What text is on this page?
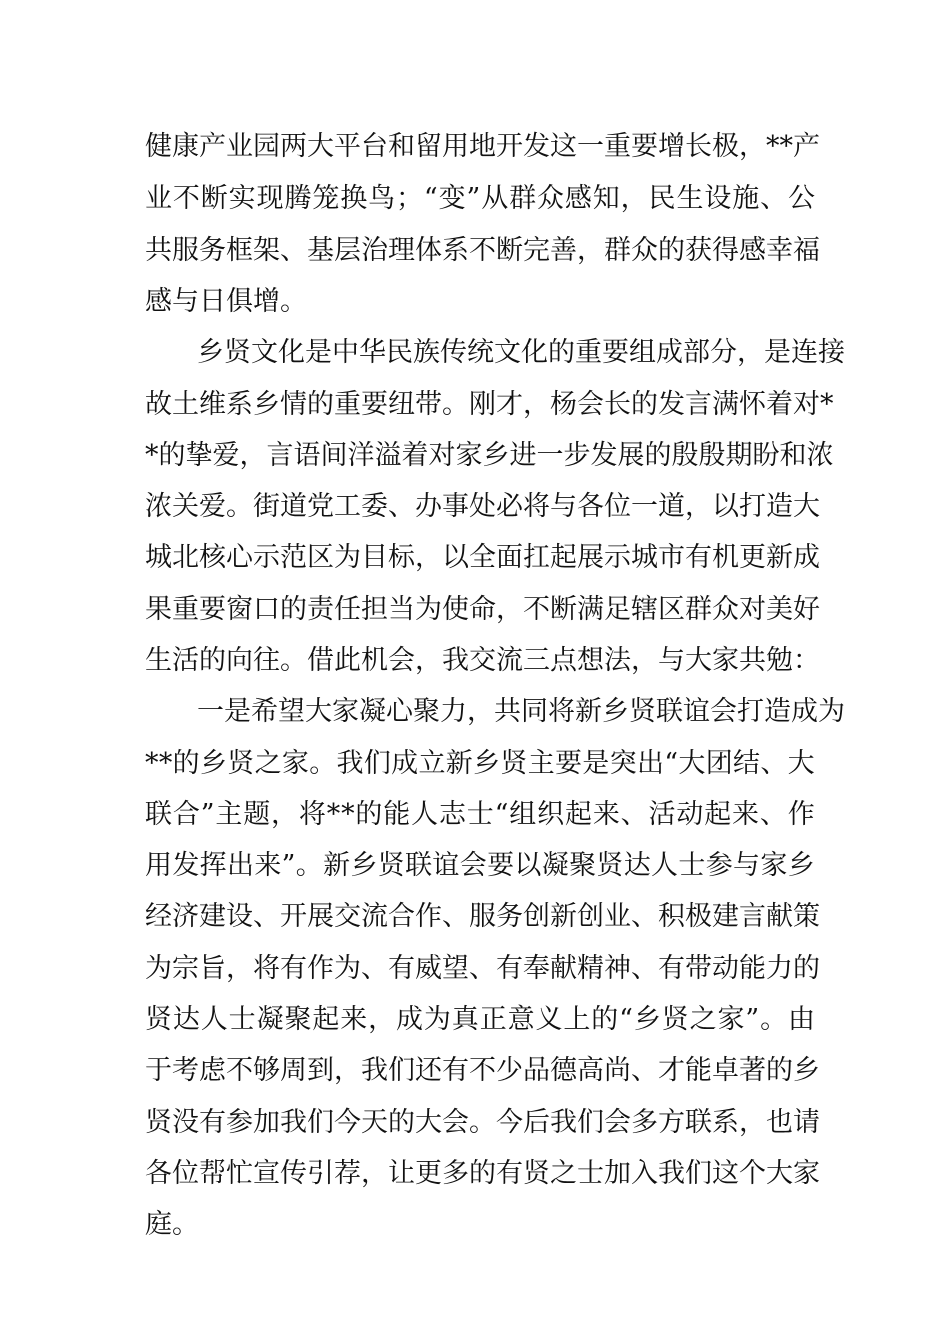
健 康 产 业 园 两 大 平 台 和 留 用 地 开 发 这 一 重 要 增 长 极 ， * * 产
业 不 断 实 现 腾 笼 换 鸟 ； “ 变 ” 从 群 众 感 知 ， 民 生 设 施 、 公
共 服 务 框 架 、 基 层 治 理 体 系 不 断 完 善 ， 群 众 的 获 得 感 幸 福
感与日俱增。
乡贤文化是中华民族传统文化的重要组成部分，是连接
故 土 维 系 乡 情 的 重 要 纽 带 。 刚 才 ， 杨 会 长 的 发 言 满 怀 着 对 *
* 的 挚 爱 ， 言 语 间 洋 溢 着 对 家 乡 进 一 步 发 展 的 殷 殷 期 盼 和 浓
浓 关 爱 。 街 道 党 工 委 、 办 事 处 必 将 与 各 位 一 道 ， 以 打 造 大
城 北 核 心 示 范 区 为 目 标 ， 以 全 面 扛 起 展 示 城 市 有 机 更 新 成
果 重 要 窗 口 的 责 任 担 当 为 使 命 ， 不 断 满 足 辖 区 群 众 对 美 好
生活的向往。借此机会，我交流三点想法，与大家共勉：
一是希望大家凝心聚力，共同将新乡贤联谊会打造成为
* * 的 乡 贤 之 家 。 我 们 成 立 新 乡 贤 主 要 是 突 出 “ 大 团 结 、 大
联 合 ” 主 题 ， 将 * * 的 能 人 志 士 “ 组 织 起 来 、 活 动 起 来 、 作
用 发 挥 出 来 ” 。 新 乡 贤 联 谊 会 要 以 凝 聚 贤 达 人 士 参 与 家 乡
经 济 建 设 、 开 展 交 流 合 作 、 服 务 创 新 创 业 、 积 极 建 言 献 策
为 宗 旨 ， 将 有 作 为 、 有 威 望 、 有 奉 献 精 神 、 有 带 动 能 力 的
贤 达 人 士 凝 聚 起 来 ， 成 为 真 正 意 义 上 的 “ 乡 贤 之 家 ” 。 由
于 考 虑 不 够 周 到 ， 我 们 还 有 不 少 品 德 高 尚 、 才 能 卓 著 的 乡
贤 没 有 参 加 我 们 今 天 的 大 会 。 今 后 我 们 会 多 方 联 系 ， 也 请
各 位 帮 忙 宣 传 引 荐 ， 让 更 多 的 有 贤 之 士 加 入 我 们 这 个 大 家
庭。
